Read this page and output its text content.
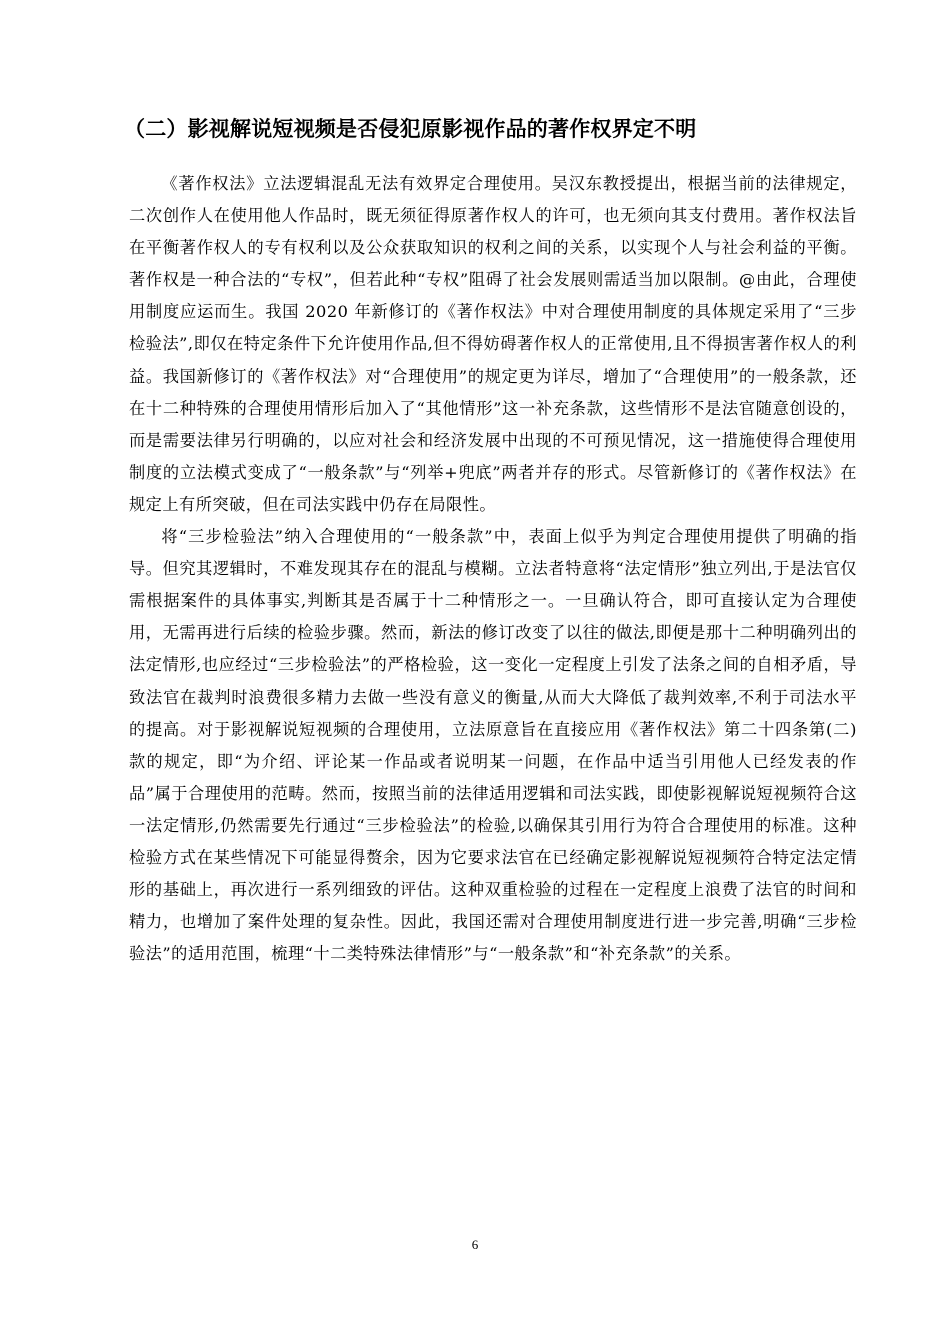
（二）影视解说短视频是否侵犯原影视作品的著作权界定不明

《著作权法》立法逻辑混乱无法有效界定合理使用。吴汉东教授提出，根据当前的法律规定，二次创作人在使用他人作品时，既无须征得原著作权人的许可，也无须向其支付费用。著作权法旨在平衡著作权人的专有权利以及公众获取知识的权利之间的关系，以实现个人与社会利益的平衡。著作权是一种合法的“专权”，但若此种“专权”阻碍了社会发展则需适当加以限制。@由此，合理使用制度应运而生。我国 2020 年新修订的《著作权法》中对合理使用制度的具体规定采用了“三步检验法”,即仅在特定条件下允许使用作品,但不得妨碍著作权人的正常使用,且不得损害著作权人的利益。我国新修订的《著作权法》对“合理使用”的规定更为详尽，增加了“合理使用”的一般条款，还在十二种特殊的合理使用情形后加入了“其他情形”这一补充条款，这些情形不是法官随意创设的，而是需要法律另行明确的，以应对社会和经济发展中出现的不可预见情况，这一措施使得合理使用制度的立法模式变成了“一般条款”与“列举+兜底”两者并存的形式。尽管新修订的《著作权法》在规定上有所突破，但在司法实践中仍存在局限性。

将“三步检验法”纳入合理使用的“一般条款”中，表面上似乎为判定合理使用提供了明确的指导。但究其逻辑时，不难发现其存在的混乱与模糊。立法者特意将“法定情形”独立列出,于是法官仅需根据案件的具体事实,判断其是否属于十二种情形之一。一旦确认符合，即可直接认定为合理使用，无需再进行后续的检验步骤。然而，新法的修订改变了以往的做法,即便是那十二种明确列出的法定情形,也应经过“三步检验法”的严格检验，这一变化一定程度上引发了法条之间的自相矛盾，导致法官在裁判时浪费很多精力去做一些没有意义的衡量,从而大大降低了裁判效率,不利于司法水平的提高。对于影视解说短视频的合理使用，立法原意旨在直接应用《著作权法》第二十四条第(二)款的规定，即“为介绍、评论某一作品或者说明某一问题，在作品中适当引用他人已经发表的作品”属于合理使用的范畴。然而，按照当前的法律适用逻辑和司法实践，即使影视解说短视频符合这一法定情形,仍然需要先行通过“三步检验法”的检验,以确保其引用行为符合合理使用的标准。这种检验方式在某些情况下可能显得赘余，因为它要求法官在已经确定影视解说短视频符合特定法定情形的基础上，再次进行一系列细致的评估。这种双重检验的过程在一定程度上浪费了法官的时间和精力，也增加了案件处理的复杂性。因此，我国还需对合理使用制度进行进一步完善,明确“三步检验法”的适用范围，梳理“十二类特殊法律情形”与“一般条款”和“补充条款”的关系。

6
